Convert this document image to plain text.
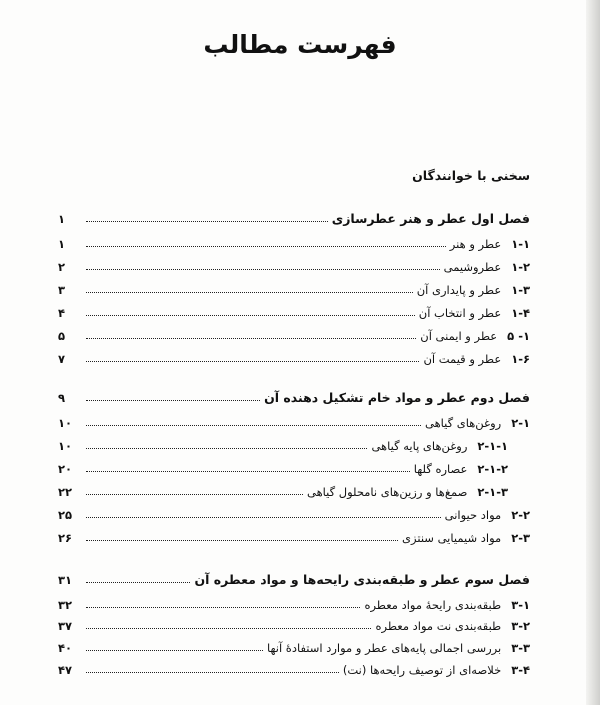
فهرست مطالب
سخنی با خوانندگان
فصل اول عطر و هنر عطرسازی
۱
۱-۱عطر و هنر
۱
۱-۲عطروشیمی
۲
۱-۳عطر و پایداری آن
۳
۱-۴عطر و انتخاب آن
۴
۱- ۵عطر و ایمنی آن
۵
۱-۶عطر و قیمت آن
۷
فصل دوم عطر و مواد خام تشکیل دهنده آن
۹
۲-۱روغن‌های گیاهی
۱۰
۲-۱-۱روغن‌های پایه گیاهی
۱۰
۲-۱-۲عصاره گلها
۲۰
۲-۱-۳صمغ‌ها و رزین‌های نامحلول گیاهی
۲۲
۲-۲مواد حیوانی
۲۵
۲-۳مواد شیمیایی سنتزی
۲۶
فصل سوم عطر و طبقه‌بندی رایحه‌ها و مواد معطره آن
۳۱
۳-۱طبقه‌بندی رایحهٔ مواد معطره
۳۲
۳-۲طبقه‌بندی نت مواد معطره
۳۷
۳-۳بررسی اجمالی پایه‌های عطر و موارد استفادهٔ آنها
۴۰
۳-۴خلاصه‌ای از توصیف رایحه‌ها (نت)
۴۷
